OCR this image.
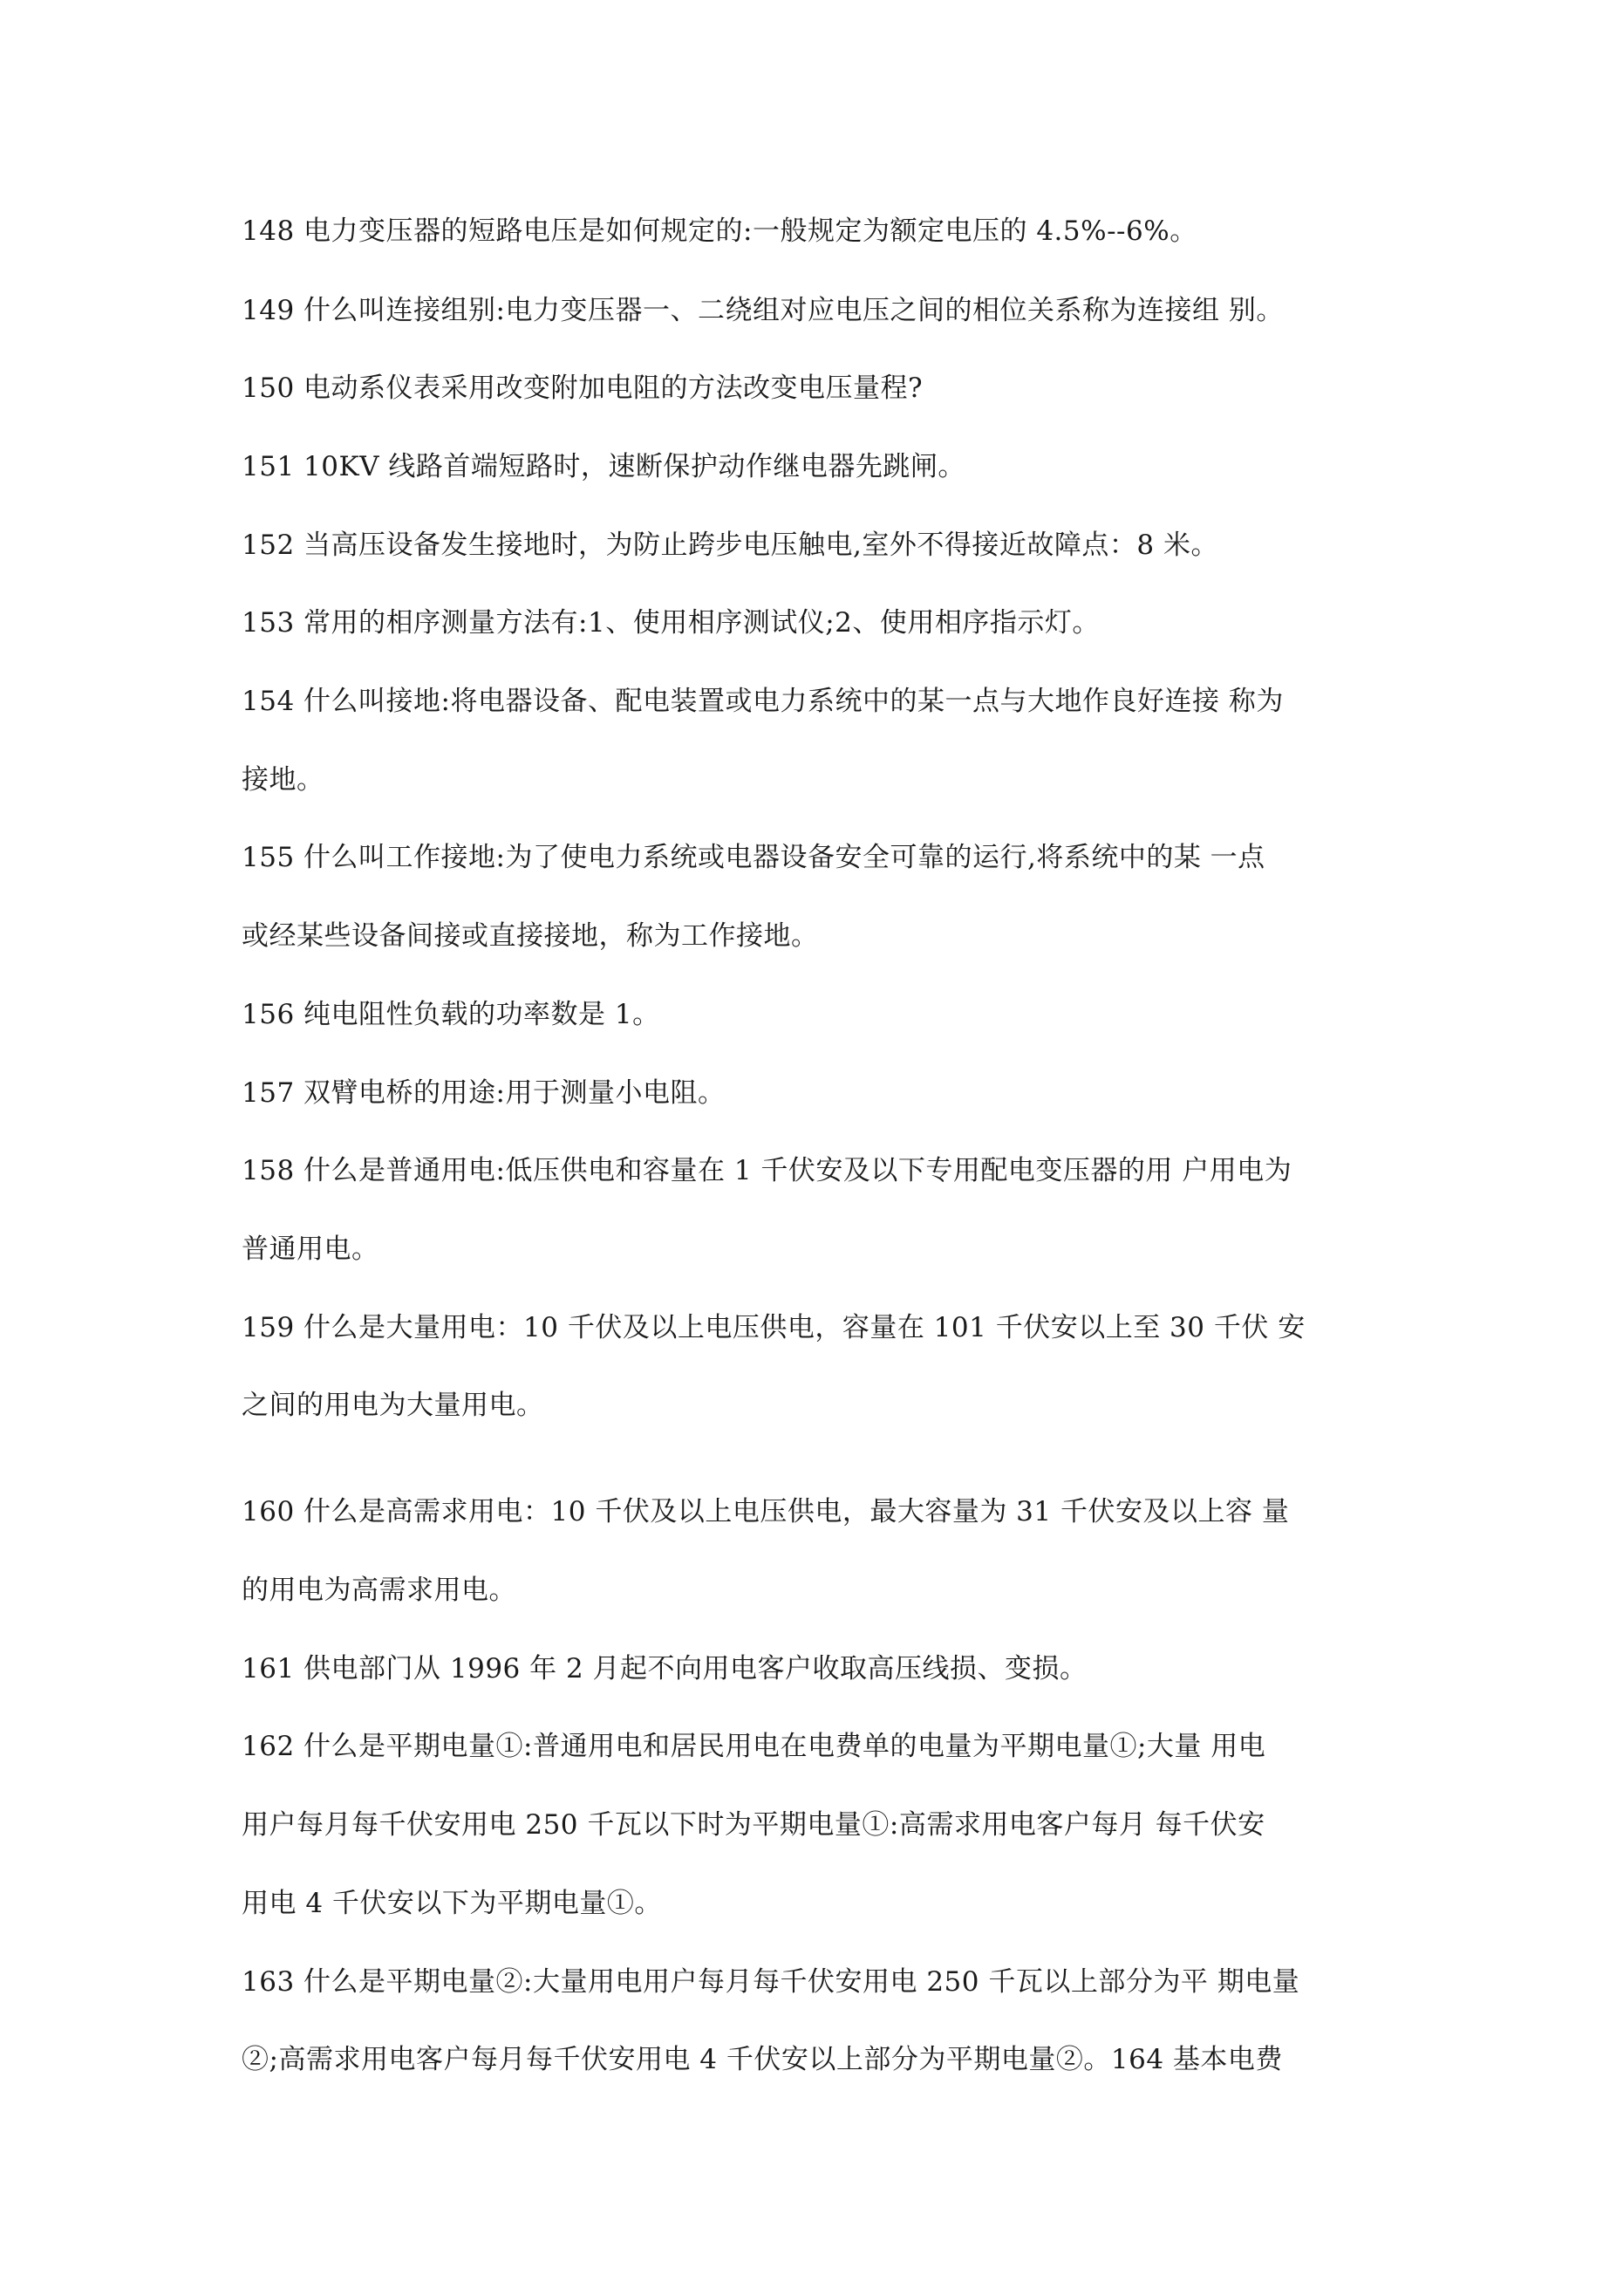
148 电力变压器的短路电压是如何规定的:一般规定为额定电压的 4.5%--6%。
149 什么叫连接组别:电力变压器一、二绕组对应电压之间的相位关系称为连接组 别。
150 电动系仪表采用改变附加电阻的方法改变电压量程?
151 10KV 线路首端短路时，速断保护动作继电器先跳闸。
152 当高压设备发生接地时，为防止跨步电压触电,室外不得接近故障点：8 米。
153 常用的相序测量方法有:1、使用相序测试仪;2、使用相序指示灯。
154 什么叫接地:将电器设备、配电装置或电力系统中的某一点与大地作良好连接 称为
接地。
155 什么叫工作接地:为了使电力系统或电器设备安全可靠的运行,将系统中的某 一点
或经某些设备间接或直接接地，称为工作接地。
156 纯电阻性负载的功率数是 1。
157 双臂电桥的用途:用于测量小电阻。
158 什么是普通用电:低压供电和容量在 1 千伏安及以下专用配电变压器的用 户用电为
普通用电。
159 什么是大量用电：10 千伏及以上电压供电，容量在 101 千伏安以上至 30 千伏 安
之间的用电为大量用电。
160 什么是高需求用电：10 千伏及以上电压供电，最大容量为 31 千伏安及以上容 量
的用电为高需求用电。
161 供电部门从 1996 年 2 月起不向用电客户收取高压线损、变损。
162 什么是平期电量①:普通用电和居民用电在电费单的电量为平期电量①;大量 用电
用户每月每千伏安用电 250 千瓦以下时为平期电量①:高需求用电客户每月 每千伏安
用电 4 千伏安以下为平期电量①。
163 什么是平期电量②:大量用电用户每月每千伏安用电 250 千瓦以上部分为平 期电量
②;高需求用电客户每月每千伏安用电 4 千伏安以上部分为平期电量②。164 基本电费
